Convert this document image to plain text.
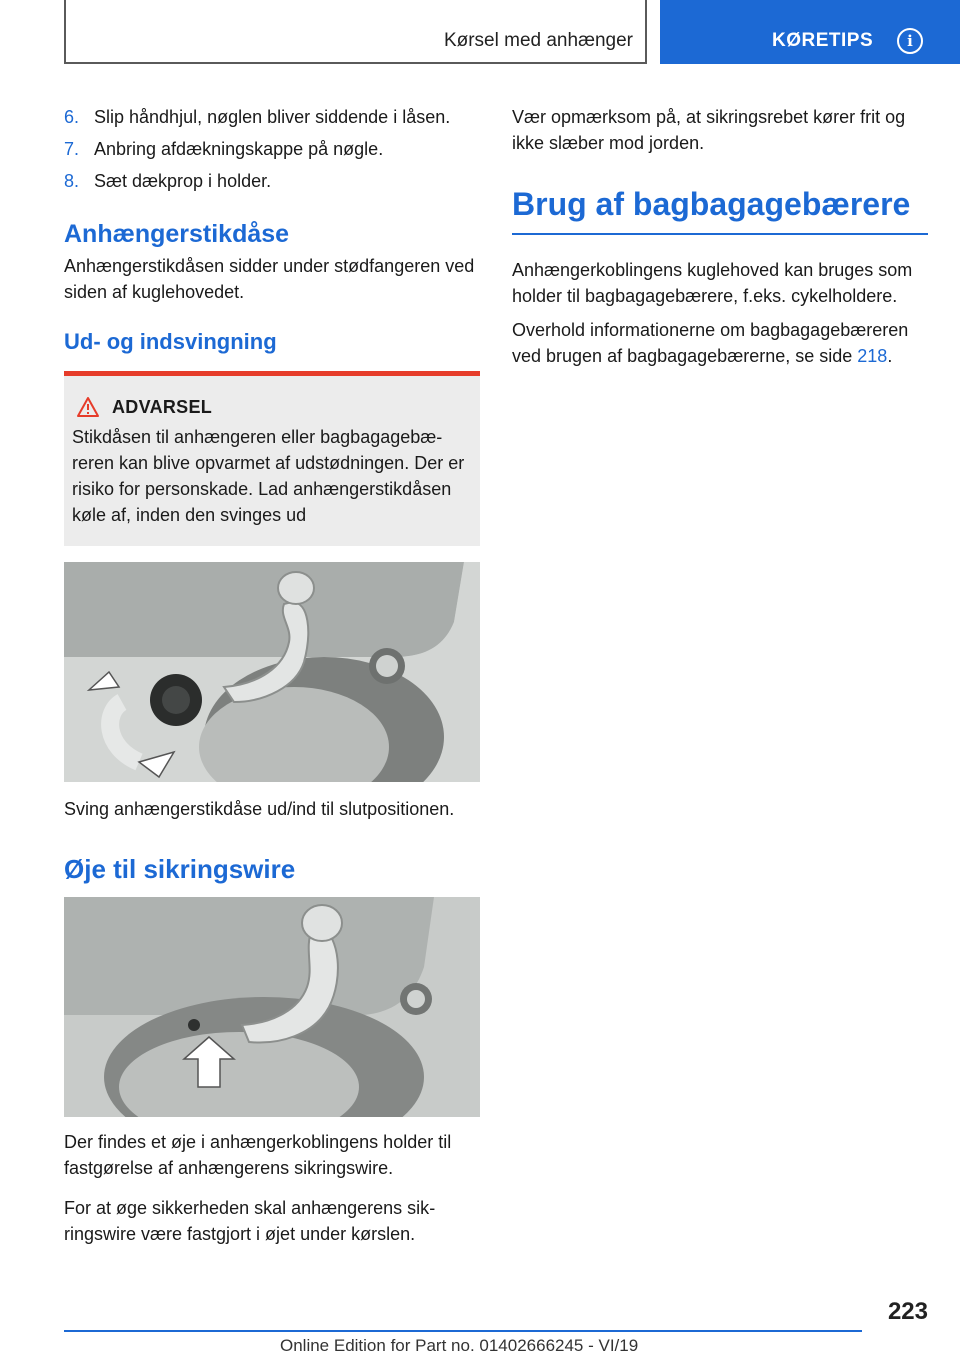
Kørsel med anhænger	KØRETIPS	i
6. Slip håndhjul, nøglen bliver siddende i låsen.
7. Anbring afdækningskappe på nøgle.
8. Sæt dækprop i holder.
Anhængerstikdåse

Anhængerstikdåsen sidder under stødfangeren ved siden af kuglehovedet.

Ud- og indsvingning
ADVARSEL

Stikdåsen til anhængeren eller bagbagagebæreren kan blive opvarmet af udstødningen. Der er risiko for personskade. Lad anhængerstikdåsen køle af, inden den svinges ud

Sving anhængerstikdåse ud/ind til slutpositionen.

Øje til sikringswire

Der findes et øje i anhængerkoblingens holder til fastgørelse af anhængerens sikringswire.

For at øge sikkerheden skal anhængerens sikringswire være fastgjort i øjet under kørslen.

Vær opmærksom på, at sikringsrebet kører frit og ikke slæber mod jorden.

Brug af bagbagagebærere

Anhængerkoblingens kuglehoved kan bruges som holder til bagbagagebærere, f.eks. cykelholdere.

Overhold informationerne om bagbagagebæreren ved brugen af bagbagagebærerne, se side 218.

223
Online Edition for Part no. 01402666245 - VI/19
